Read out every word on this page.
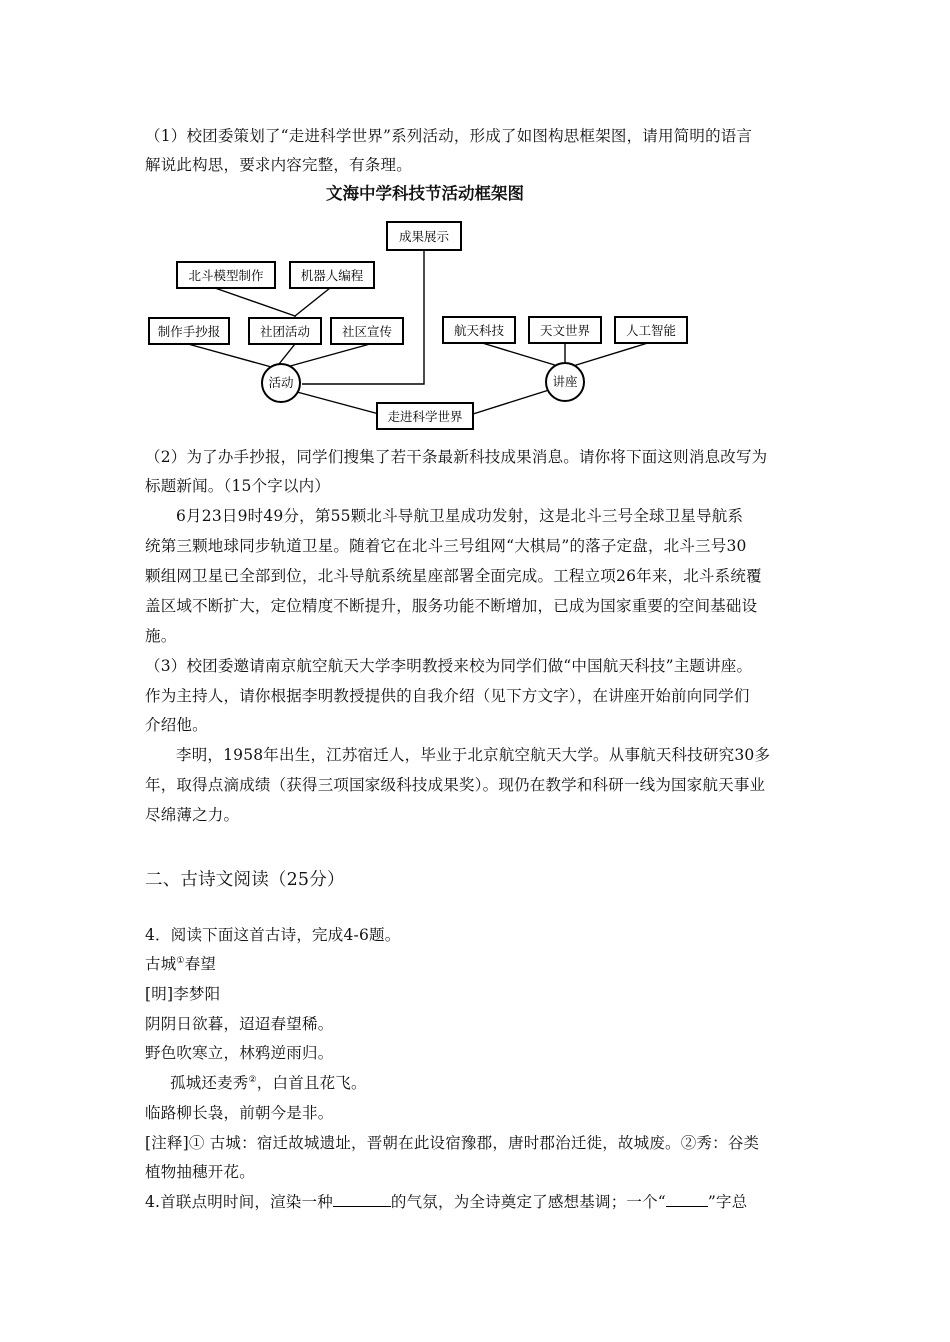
（1）校团委策划了“走进科学世界”系列活动，形成了如图构思框架图，请用简明的语言
解说此构思，要求内容完整，有条理。
文海中学科技节活动框架图
成果展示
北斗模型制作	机器人编程
制作手抄报	社团活动	社区宣传	航天科技	天文世界	人工智能
走进科学世界
活动	讲座
（2）为了办手抄报，同学们搜集了若干条最新科技成果消息。请你将下面这则消息改写为
标题新闻。（15个字以内）
6月23日9时49分，第55颗北斗导航卫星成功发射，这是北斗三号全球卫星导航系
统第三颗地球同步轨道卫星。随着它在北斗三号组网“大棋局”的落子定盘，北斗三号30
颗组网卫星已全部到位，北斗导航系统星座部署全面完成。工程立项26年来，北斗系统覆
盖区域不断扩大，定位精度不断提升，服务功能不断增加，已成为国家重要的空间基础设
施。
（3）校团委邀请南京航空航天大学李明教授来校为同学们做“中国航天科技”主题讲座。
作为主持人，请你根据李明教授提供的自我介绍（见下方文字），在讲座开始前向同学们
介绍他。
李明，1958年出生，江苏宿迁人，毕业于北京航空航天大学。从事航天科技研究30多
年，取得点滴成绩（获得三项国家级科技成果奖）。现仍在教学和科研一线为国家航天事业
尽绵薄之力。
二、古诗文阅读（25分）
4．阅读下面这首古诗，完成4-6题。
古城①春望
[明]李梦阳
阴阴日欲暮，迢迢春望稀。
野色吹寒立，林鸦逆雨归。
孤城还麦秀②，白首且花飞。
临路柳长袅，前朝今是非。
[注释]① 古城：宿迁故城遗址，晋朝在此设宿豫郡，唐时郡治迁徙，故城废。②秀：谷类
植物抽穗开花。
4.首联点明时间，渲染一种	的气氛，为全诗奠定了感想基调；一个“	”字总
